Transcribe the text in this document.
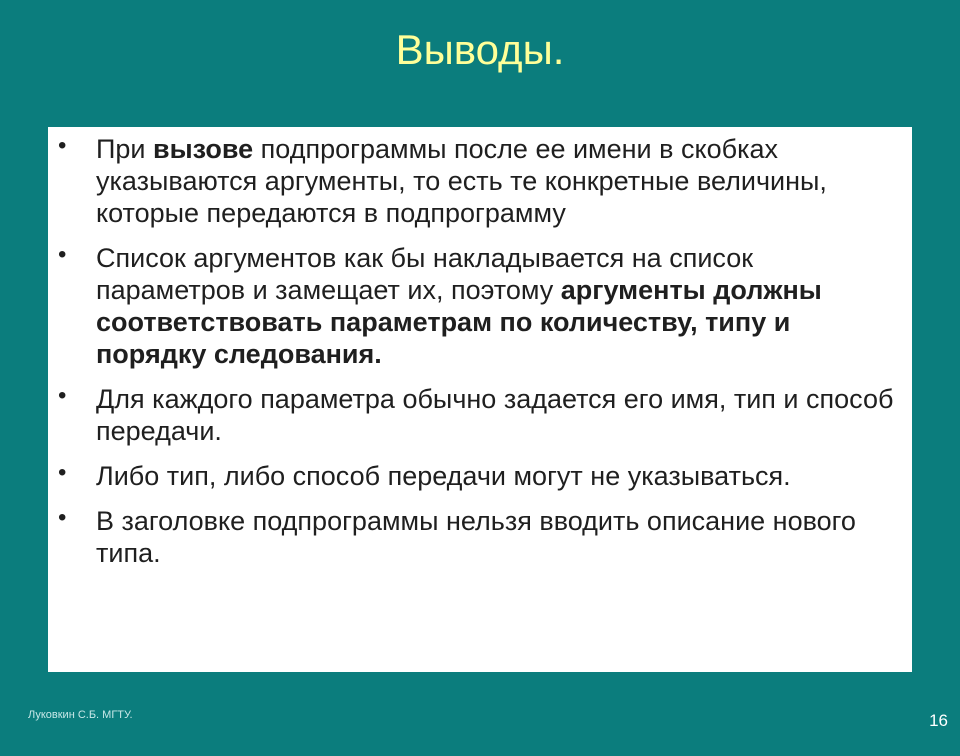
Выводы.
• При вызове подпрограммы после ее имени в скобках указываются аргументы, то есть те конкретные величины, которые передаются в подпрограмму
• Список аргументов как бы накладывается на список параметров и замещает их, поэтому аргументы должны соответствовать параметрам по количеству, типу и порядку следования.
• Для каждого параметра обычно задается его имя, тип и способ передачи.
• Либо тип, либо способ передачи могут не указываться.
• В заголовке подпрограммы нельзя вводить описание нового типа.
Луковкин С.Б. МГТУ.	16
